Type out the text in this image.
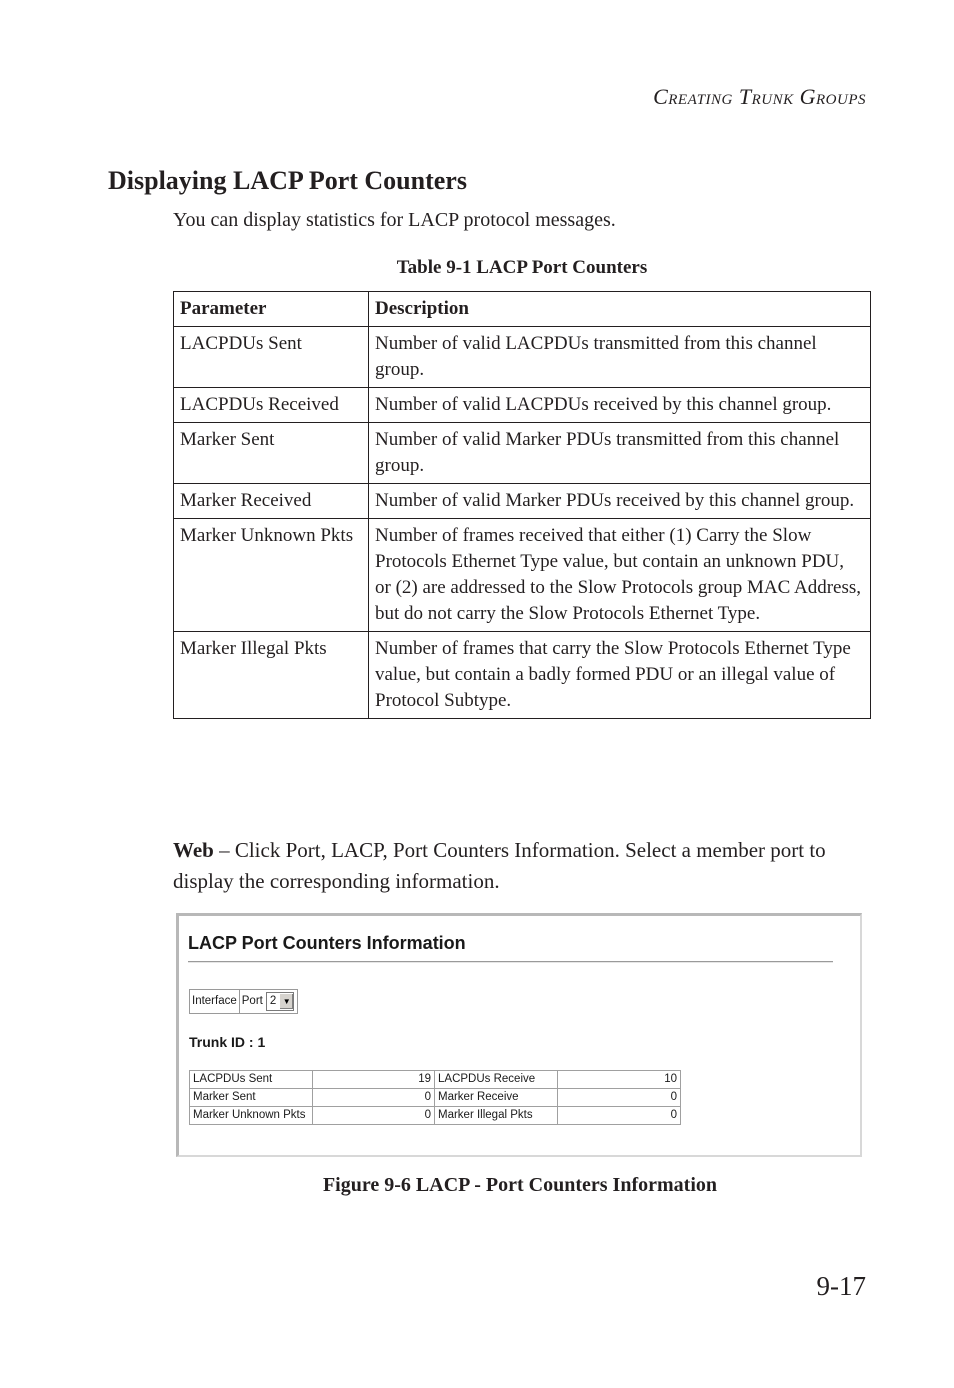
Creating Trunk Groups
Displaying LACP Port Counters

You can display statistics for LACP protocol messages.

Table 9-1 LACP Port Counters
Parameter	Description
LACPDUs Sent	Number of valid LACPDUs transmitted from this channel group.
LACPDUs Received	Number of valid LACPDUs received by this channel group.
Marker Sent	Number of valid Marker PDUs transmitted from this channel group.
Marker Received	Number of valid Marker PDUs received by this channel group.
Marker Unknown Pkts	Number of frames received that either (1) Carry the Slow Protocols Ethernet Type value, but contain an unknown PDU, or (2) are addressed to the Slow Protocols group MAC Address, but do not carry the Slow Protocols Ethernet Type.
Marker Illegal Pkts	Number of frames that carry the Slow Protocols Ethernet Type value, but contain a badly formed PDU or an illegal value of Protocol Subtype.

Web – Click Port, LACP, Port Counters Information. Select a member port to display the corresponding information.

LACP Port Counters Information
Interface Port 2 ▼
Trunk ID : 1
LACPDUs Sent	19	LACPDUs Receive	10
Marker Sent	0	Marker Receive	0
Marker Unknown Pkts	0	Marker Illegal Pkts	0
Figure 9-6 LACP - Port Counters Information
9-17
